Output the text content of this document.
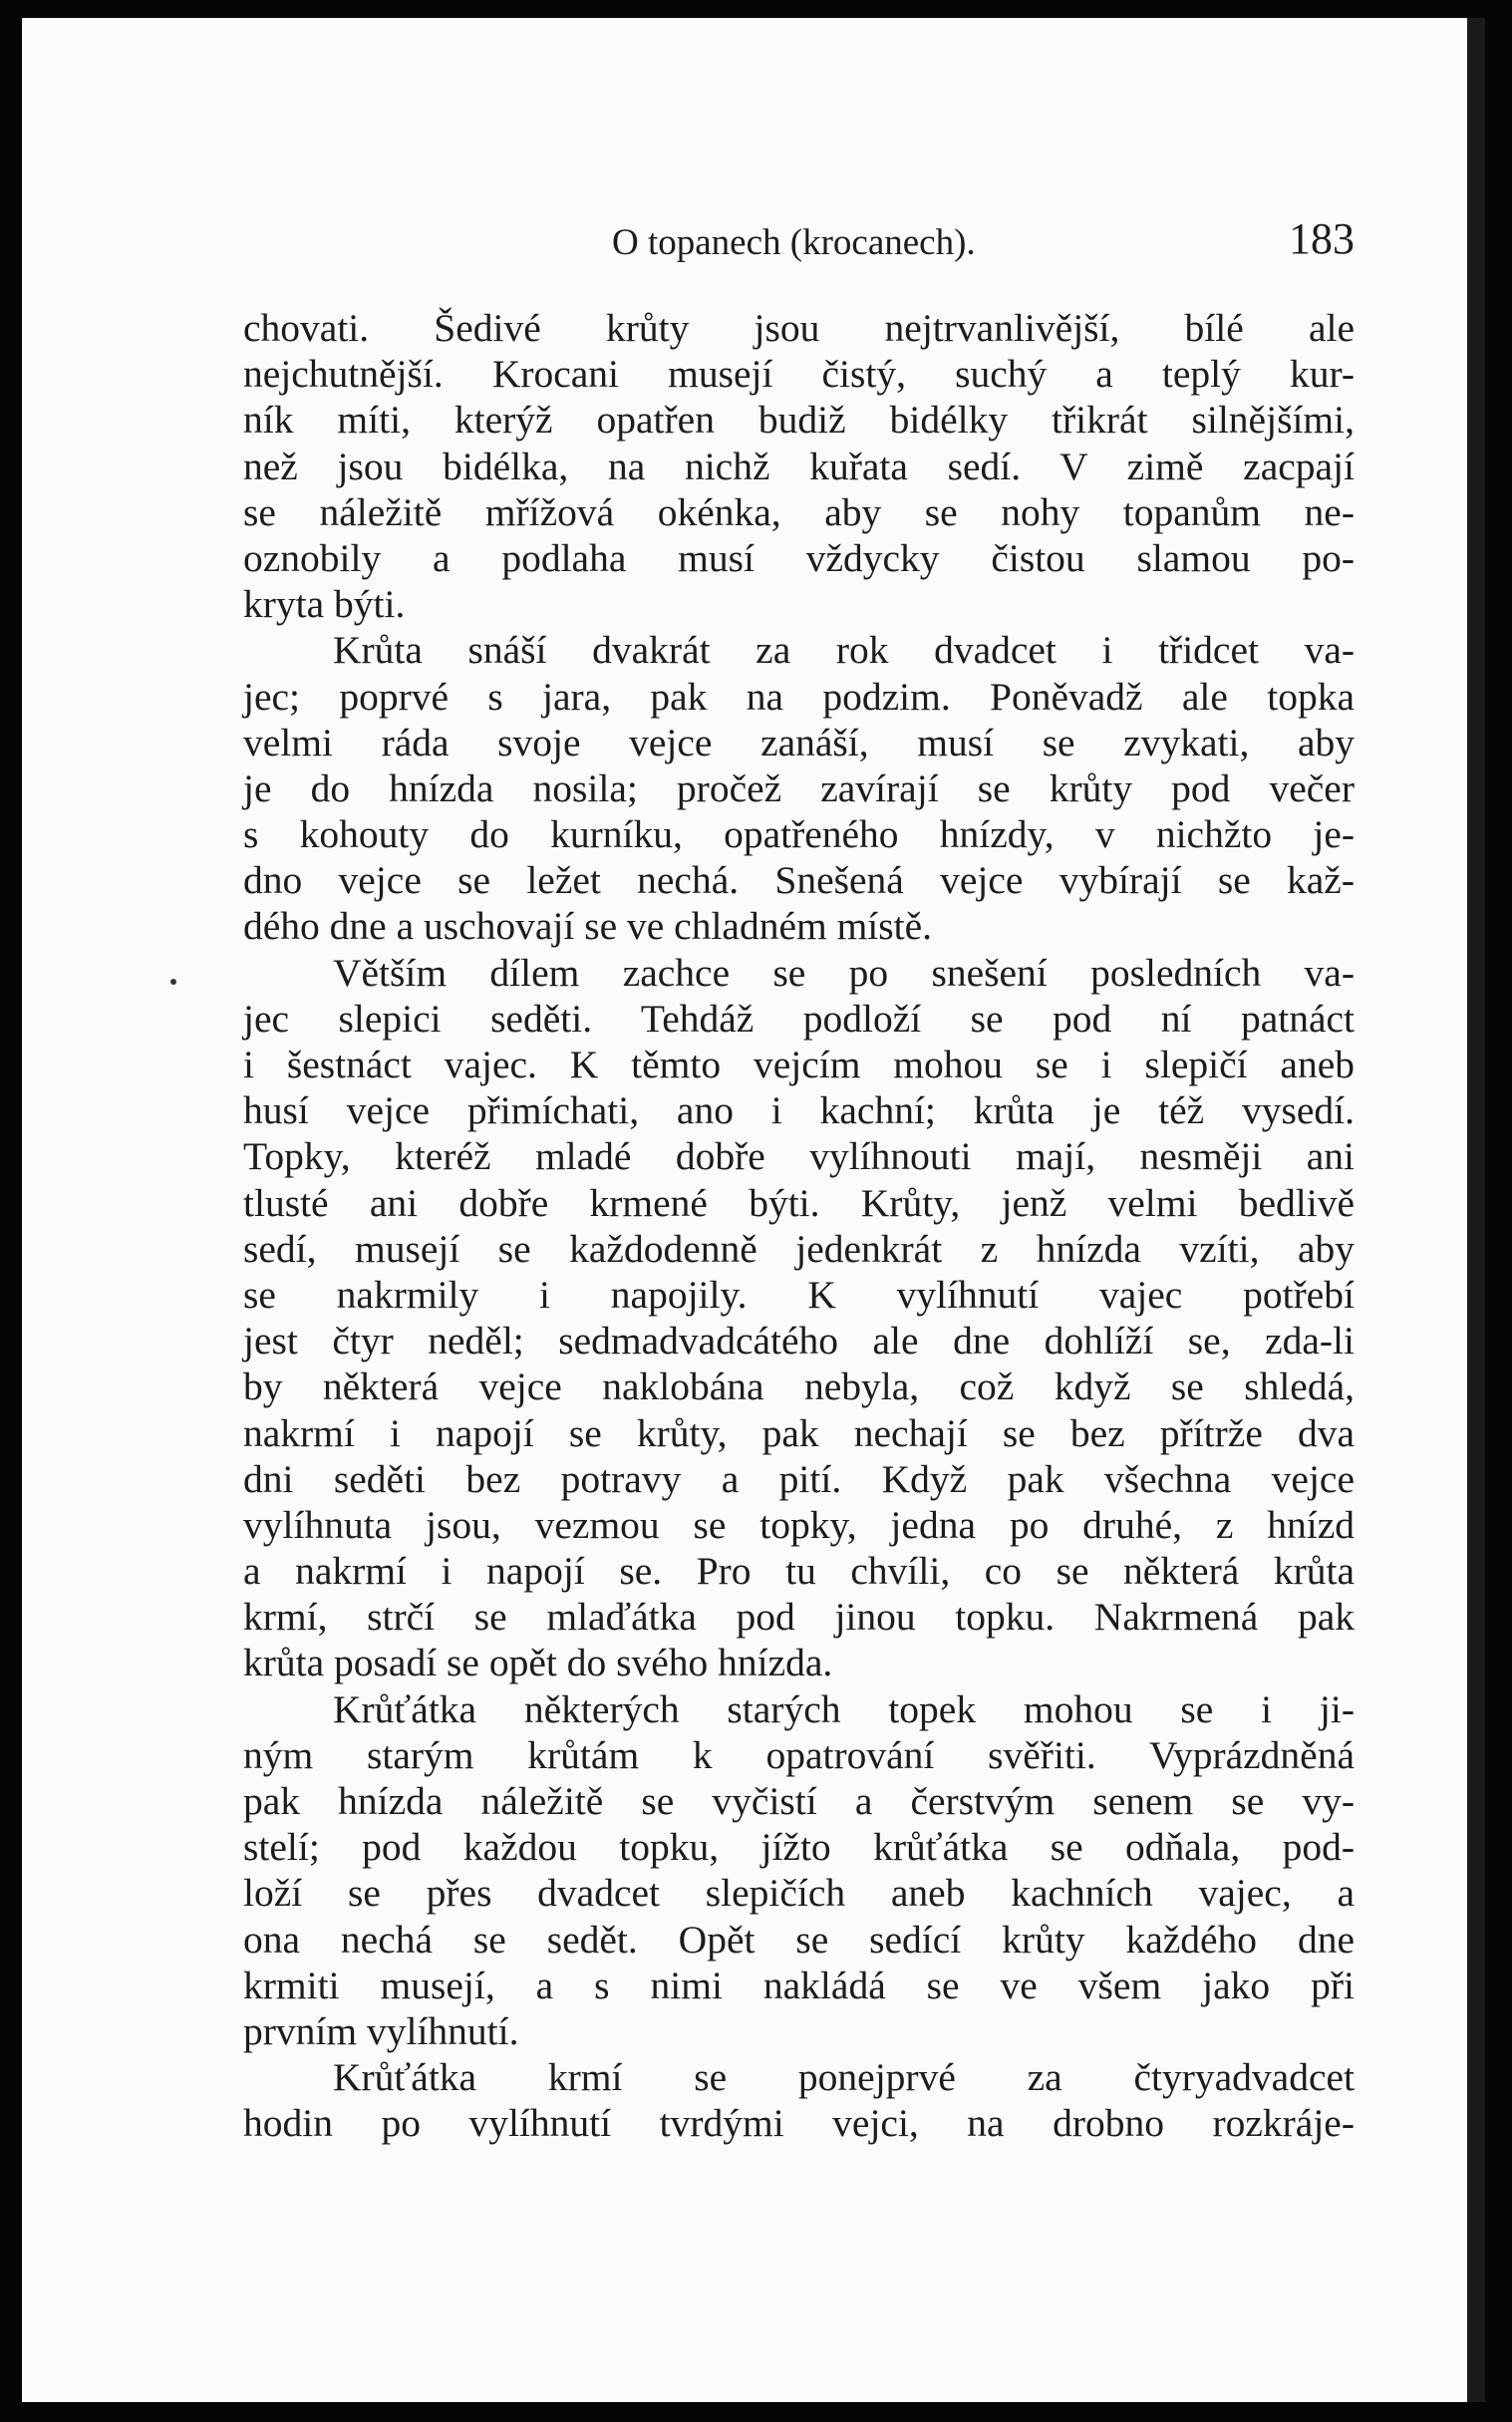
O topanech (krocanech).	183
chovati. Šedivé krůty jsou nejtrvanlivější, bílé ale
nejchutnější. Krocani musejí čistý, suchý a teplý kur-
ník míti, kterýž opatřen budiž bidélky třikrát silnějšími,
než jsou bidélka, na nichž kuřata sedí. V zimě zacpají
se náležitě mřížová okénka, aby se nohy topanům ne-
oznobily a podlaha musí vždycky čistou slamou po-
kryta býti.
Krůta snáší dvakrát za rok dvadcet i třidcet va-
jec; poprvé s jara, pak na podzim. Poněvadž ale topka
velmi ráda svoje vejce zanáší, musí se zvykati, aby
je do hnízda nosila; pročež zavírají se krůty pod večer
s kohouty do kurníku, opatřeného hnízdy, v nichžto je-
dno vejce se ležet nechá. Snešená vejce vybírají se kaž-
dého dne a uschovají se ve chladném místě.
Větším dílem zachce se po snešení posledních va-
jec slepici seděti. Tehdáž podloží se pod ní patnáct
i šestnáct vajec. K těmto vejcím mohou se i slepičí aneb
husí vejce přimíchati, ano i kachní; krůta je též vysedí.
Topky, kteréž mladé dobře vylíhnouti mají, nesměji ani
tlusté ani dobře krmené býti. Krůty, jenž velmi bedlivě
sedí, musejí se každodenně jedenkrát z hnízda vzíti, aby
se nakrmily i napojily. K vylíhnutí vajec potřebí
jest čtyr neděl; sedmadvadcátého ale dne dohlíží se, zda-li
by některá vejce naklobána nebyla, což když se shledá,
nakrmí i napojí se krůty, pak nechají se bez přítrže dva
dni seděti bez potravy a pití. Když pak všechna vejce
vylíhnuta jsou, vezmou se topky, jedna po druhé, z hnízd
a nakrmí i napojí se. Pro tu chvíli, co se některá krůta
krmí, strčí se mlaďátka pod jinou topku. Nakrmená pak
krůta posadí se opět do svého hnízda.
Krůťátka některých starých topek mohou se i ji-
ným starým krůtám k opatrování svěřiti. Vyprázdněná
pak hnízda náležitě se vyčistí a čerstvým senem se vy-
stelí; pod každou topku, jížto krůťátka se odňala, pod-
loží se přes dvadcet slepičích aneb kachních vajec, a
ona nechá se sedět. Opět se sedící krůty každého dne
krmiti musejí, a s nimi nakládá se ve všem jako při
prvním vylíhnutí.
Krůťátka krmí se ponejprvé za čtyryadvadcet
hodin po vylíhnutí tvrdými vejci, na drobno rozkráje-
